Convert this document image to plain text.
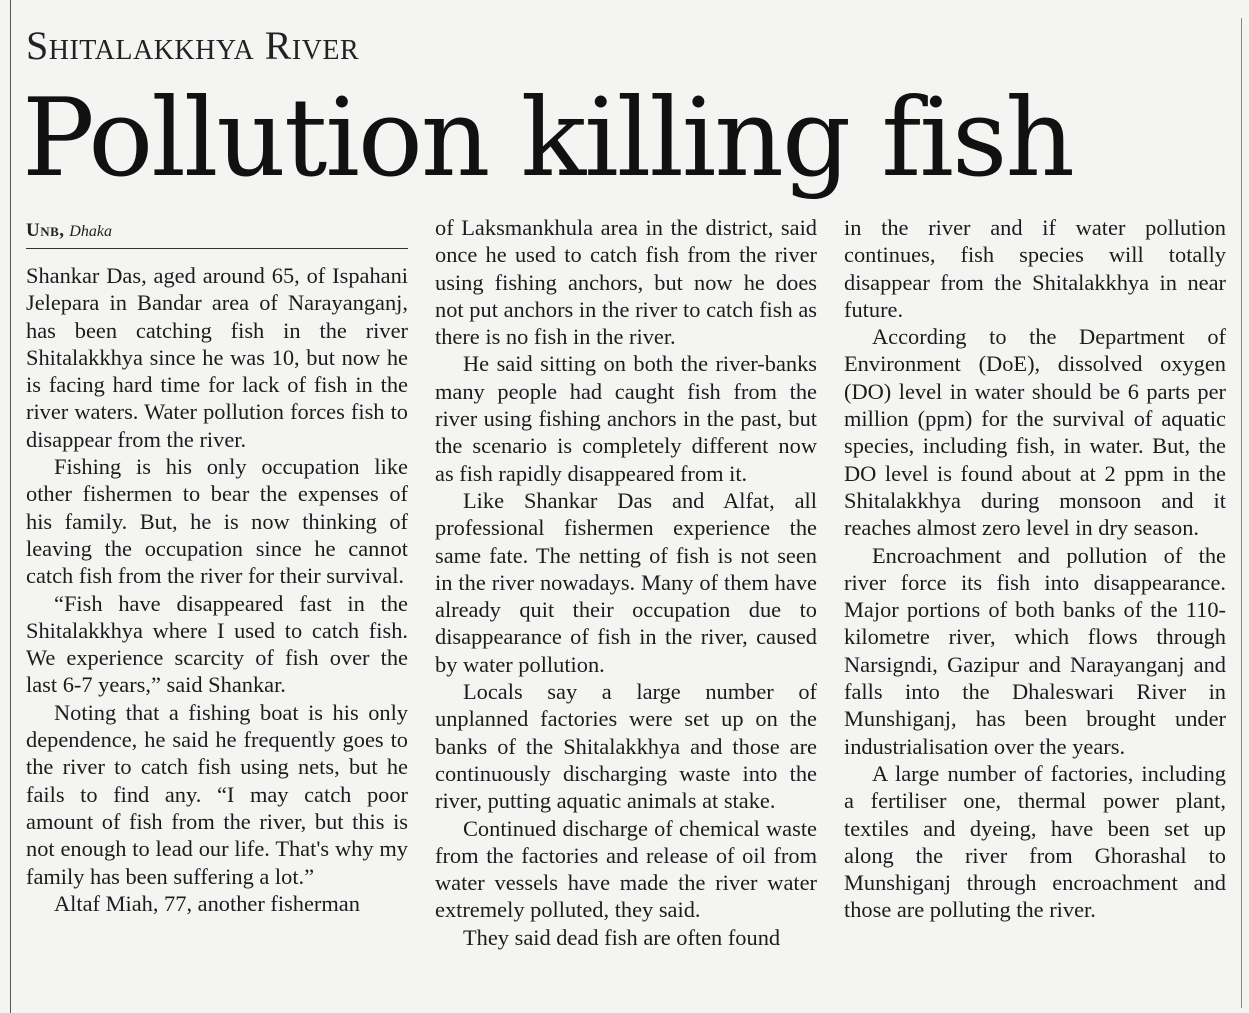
Shitalakkhya River
Pollution killing fish
Unb, Dhaka

Shankar Das, aged around 65, of Ispahani Jelepara in Bandar area of Narayanganj, has been catching fish in the river Shitalakkhya since he was 10, but now he is facing hard time for lack of fish in the river waters. Water pollution forces fish to disappear from the river.

Fishing is his only occupation like other fishermen to bear the expenses of his family. But, he is now thinking of leaving the occupation since he cannot catch fish from the river for their survival.

“Fish have disappeared fast in the Shitalakkhya where I used to catch fish. We experience scarcity of fish over the last 6-7 years,” said Shankar.

Noting that a fishing boat is his only dependence, he said he frequently goes to the river to catch fish using nets, but he fails to find any. “I may catch poor amount of fish from the river, but this is not enough to lead our life. That's why my family has been suffering a lot.”

Altaf Miah, 77, another fisherman

of Laksmankhula area in the district, said once he used to catch fish from the river using fishing anchors, but now he does not put anchors in the river to catch fish as there is no fish in the river.

He said sitting on both the river-banks many people had caught fish from the river using fishing anchors in the past, but the scenario is completely different now as fish rapidly disappeared from it.

Like Shankar Das and Alfat, all professional fishermen experience the same fate. The netting of fish is not seen in the river nowadays. Many of them have already quit their occupation due to disappearance of fish in the river, caused by water pollution.

Locals say a large number of unplanned factories were set up on the banks of the Shitalakkhya and those are continuously discharging waste into the river, putting aquatic animals at stake.

Continued discharge of chemical waste from the factories and release of oil from water vessels have made the river water extremely polluted, they said.

They said dead fish are often found

in the river and if water pollution continues, fish species will totally disappear from the Shitalakkhya in near future.

According to the Department of Environment (DoE), dissolved oxygen (DO) level in water should be 6 parts per million (ppm) for the survival of aquatic species, including fish, in water. But, the DO level is found about at 2 ppm in the Shitalakkhya during monsoon and it reaches almost zero level in dry season.

Encroachment and pollution of the river force its fish into disappearance. Major portions of both banks of the 110-kilometre river, which flows through Narsigndi, Gazipur and Narayanganj and falls into the Dhaleswari River in Munshiganj, has been brought under industrialisation over the years.

A large number of factories, including a fertiliser one, thermal power plant, textiles and dyeing, have been set up along the river from Ghorashal to Munshiganj through encroachment and those are polluting the river.
